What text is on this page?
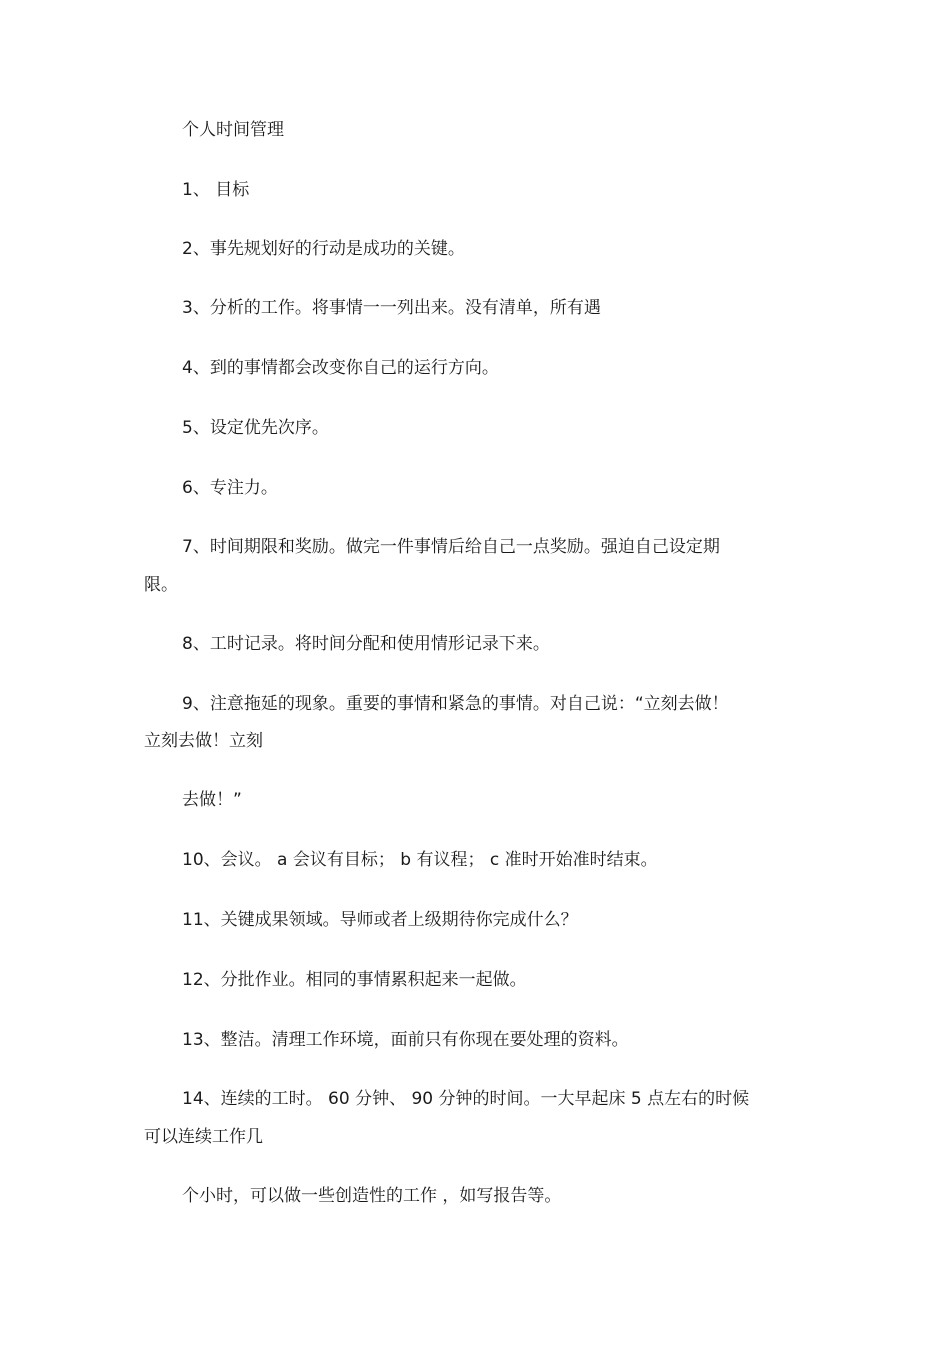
个人时间管理
1、 目标
2、事先规划好的行动是成功的关键。
3、分析的工作。将事情一一列出来。没有清单，所有遇
4、到的事情都会改变你自己的运行方向。
5、设定优先次序。
6、专注力。
7、时间期限和奖励。做完一件事情后给自己一点奖励。强迫自己设定期
限。
8、工时记录。将时间分配和使用情形记录下来。
9、注意拖延的现象。重要的事情和紧急的事情。对自己说：“立刻去做！
立刻去做！立刻
去做！”
10、会议。 a 会议有目标； b 有议程； c 准时开始准时结束。
11、关键成果领域。导师或者上级期待你完成什么？
12、分批作业。相同的事情累积起来一起做。
13、整洁。清理工作环境，面前只有你现在要处理的资料。
14、连续的工时。 60 分钟、 90 分钟的时间。一大早起床 5 点左右的时候
可以连续工作几
个小时，可以做一些创造性的工作 ，如写报告等。
